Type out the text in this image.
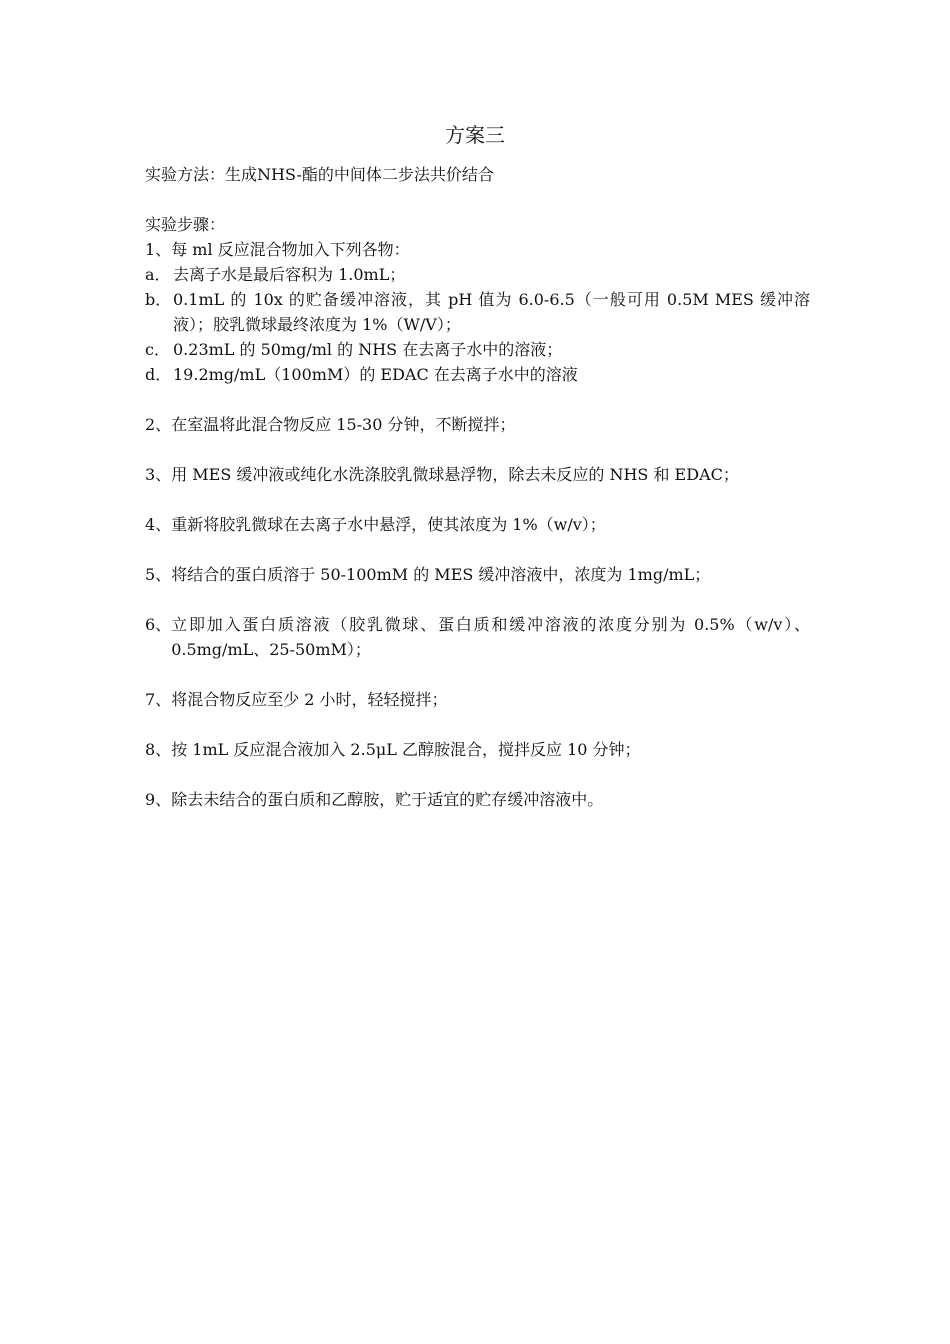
方案三
实验方法：生成NHS-酯的中间体二步法共价结合
实验步骤：
1、 每 ml 反应混合物加入下列各物：
a． 去离子水是最后容积为 1.0mL；
b． 0.1mL 的 10x 的贮备缓冲溶液，其 pH 值为 6.0-6.5（一般可用 0.5M MES 缓冲溶液）；胶乳微球最终浓度为 1%（W/V）；
c． 0.23mL 的 50mg/ml 的 NHS 在去离子水中的溶液；
d． 19.2mg/mL（100mM）的 EDAC 在去离子水中的溶液
2、 在室温将此混合物反应 15-30 分钟，不断搅拌；
3、 用 MES 缓冲液或纯化水洗涤胶乳微球悬浮物，除去未反应的 NHS 和 EDAC；
4、 重新将胶乳微球在去离子水中悬浮，使其浓度为 1%（w/v）；
5、 将结合的蛋白质溶于 50-100mM 的 MES 缓冲溶液中，浓度为 1mg/mL；
6、 立即加入蛋白质溶液（胶乳微球、蛋白质和缓冲溶液的浓度分别为 0.5%（w/v）、0.5mg/mL、25-50mM）；
7、 将混合物反应至少 2 小时，轻轻搅拌；
8、 按 1mL 反应混合液加入 2.5μL 乙醇胺混合，搅拌反应 10 分钟；
9、 除去未结合的蛋白质和乙醇胺，贮于适宜的贮存缓冲溶液中。
